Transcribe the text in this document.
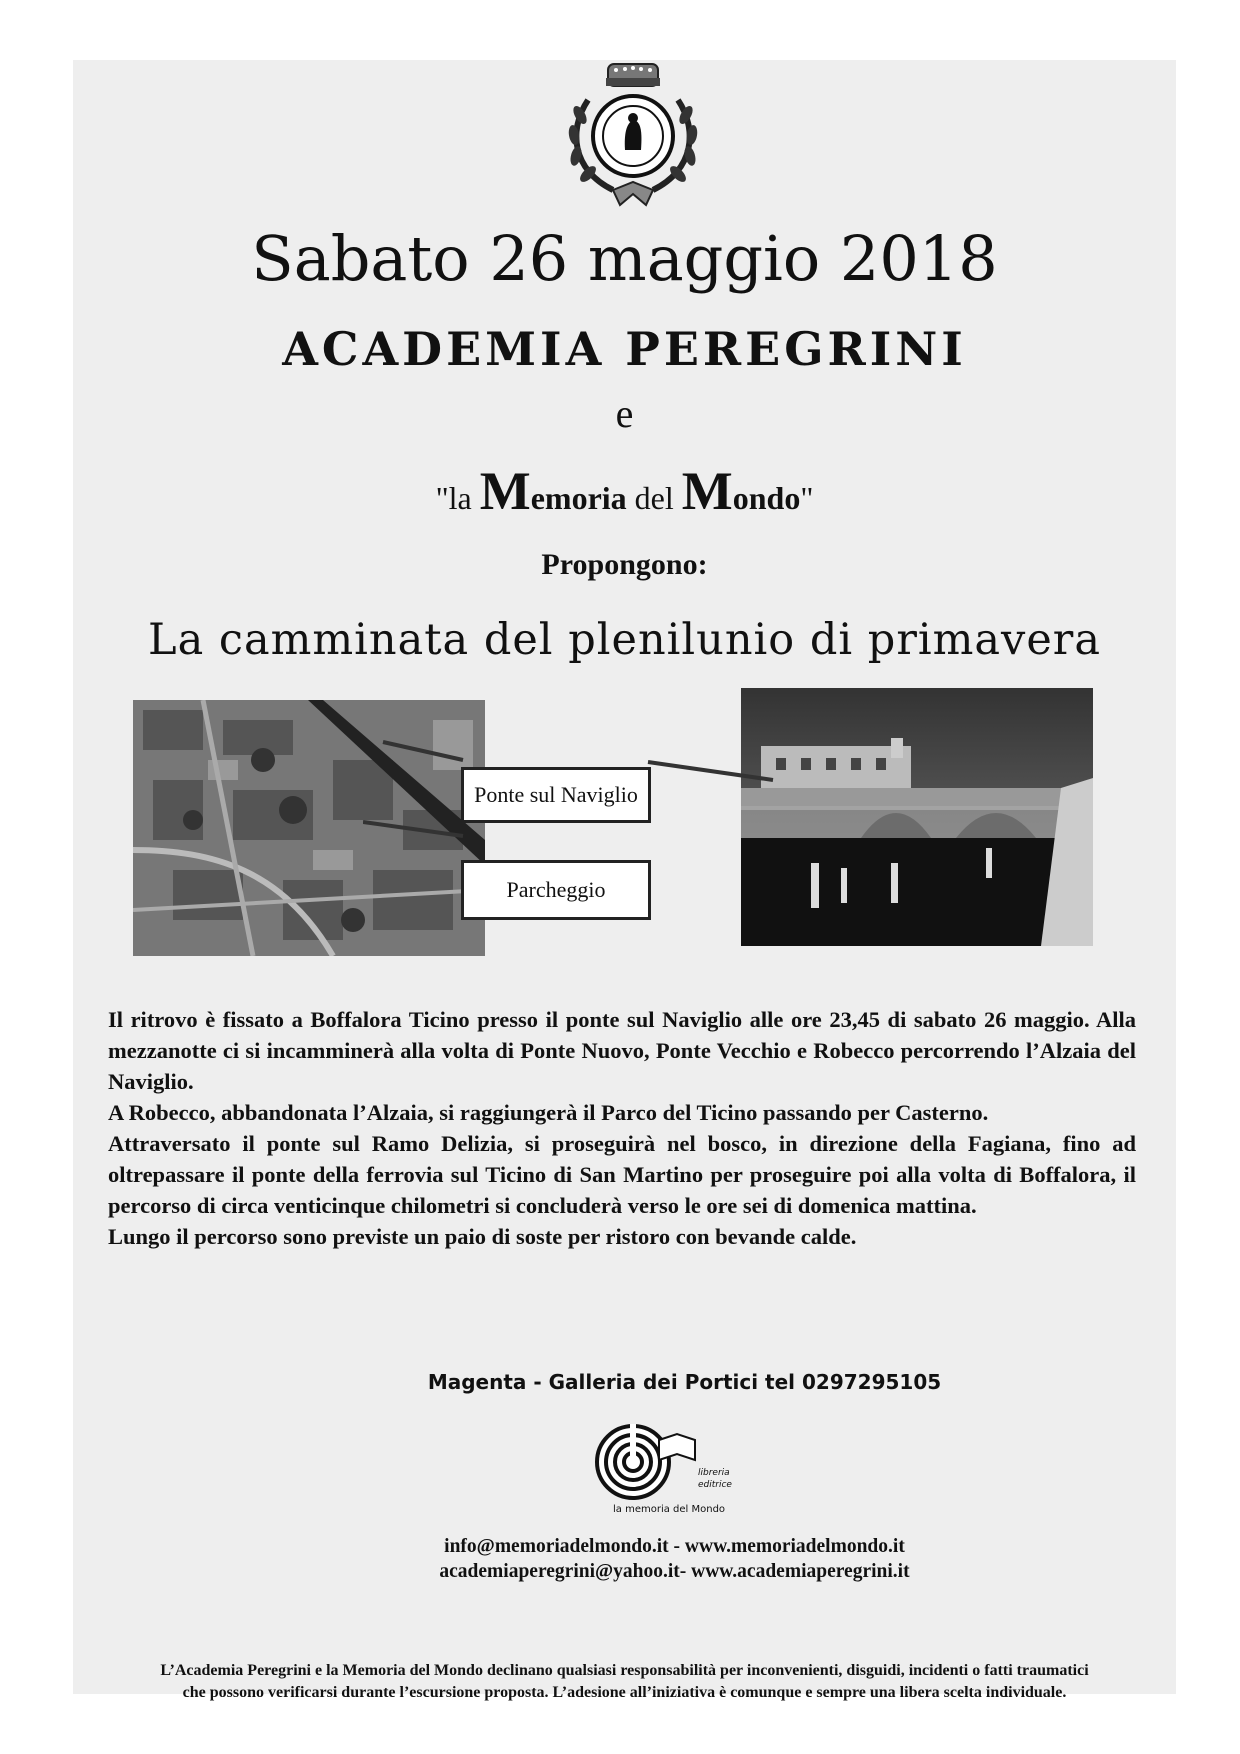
Sabato 26 maggio 2018
ACADEMIA PEREGRINI
e
"la Memoria del Mondo"
Propongono:
La camminata del plenilunio di primavera
Ponte sul Naviglio
Parcheggio

Il ritrovo è fissato a Boffalora Ticino presso il ponte sul Naviglio alle ore 23,45 di sabato 26 maggio. Alla mezzanotte ci si incamminerà alla volta di Ponte Nuovo, Ponte Vecchio e Robecco percorrendo l’Alzaia del Naviglio.

A Robecco, abbandonata l’Alzaia, si raggiungerà il Parco del Ticino passando per Casterno.

Attraversato il ponte sul Ramo Delizia, si proseguirà nel bosco, in direzione della Fagiana, fino ad oltrepassare il ponte della ferrovia sul Ticino di San Martino per proseguire poi alla volta di Boffalora, il percorso di circa venticinque chilometri si concluderà verso le ore sei di domenica mattina.

Lungo il percorso sono previste un paio di soste per ristoro con bevande calde.

Magenta - Galleria dei Portici tel 0297295105
libreria
editrice
la memoria del Mondo
info@memoriadelmondo.it - www.memoriadelmondo.it
academiaperegrini@yahoo.it- www.academiaperegrini.it
L’Academia Peregrini e la Memoria del Mondo declinano qualsiasi responsabilità per inconvenienti, disguidi, incidenti o fatti traumatici
che possono verificarsi durante l’escursione proposta. L’adesione all’iniziativa è comunque e sempre una libera scelta individuale.
